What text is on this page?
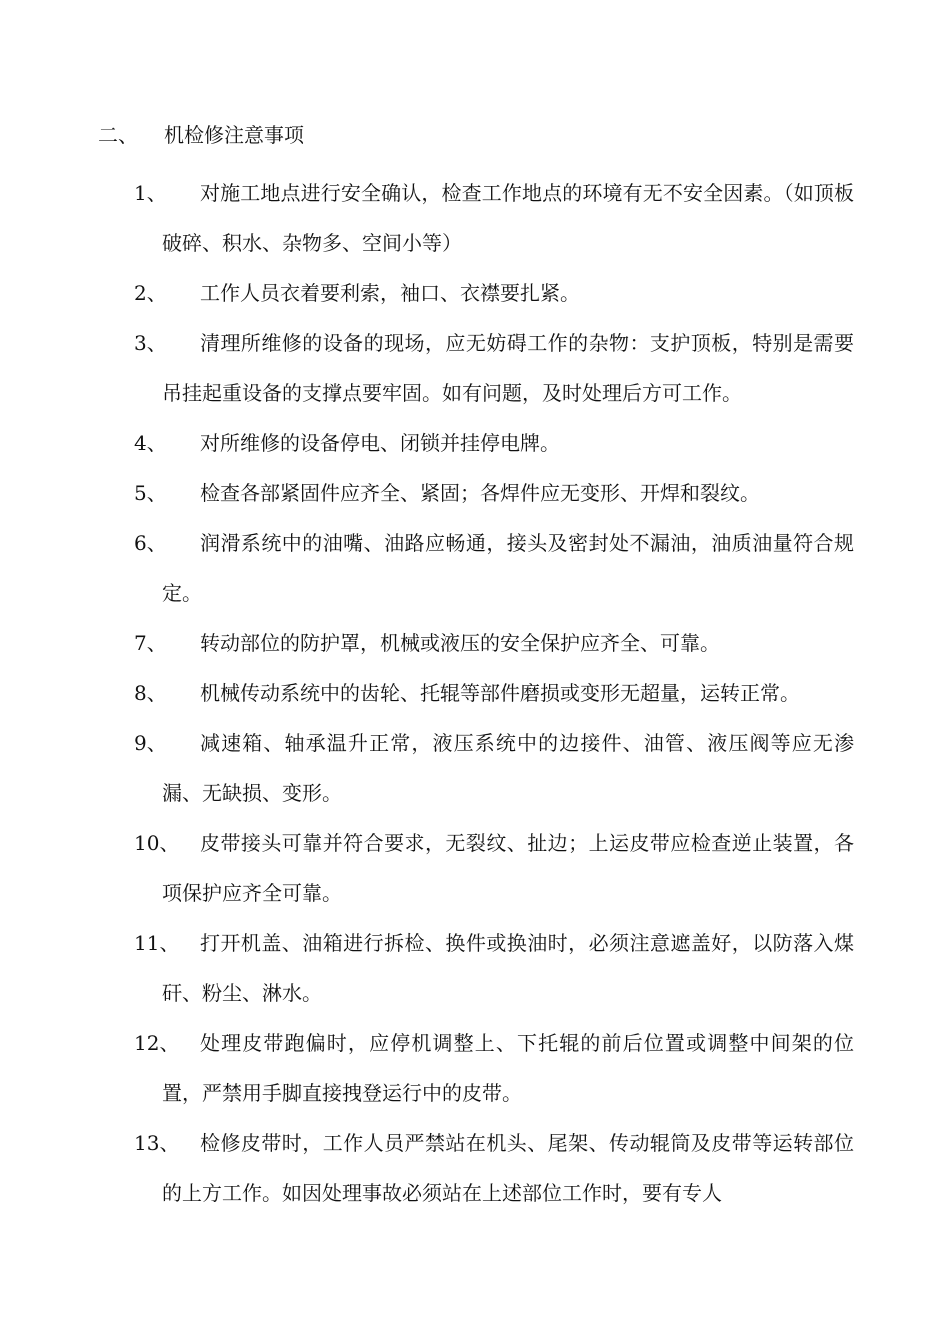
二、 机检修注意事项
1、	对施工地点进行安全确认，检查工作地点的环境有无不安全因素。（如顶板破碎、积水、杂物多、空间小等）
2、	工作人员衣着要利索，袖口、衣襟要扎紧。
3、	清理所维修的设备的现场，应无妨碍工作的杂物：支护顶板，特别是需要吊挂起重设备的支撑点要牢固。如有问题，及时处理后方可工作。
4、	对所维修的设备停电、闭锁并挂停电牌。
5、	检查各部紧固件应齐全、紧固；各焊件应无变形、开焊和裂纹。
6、	润滑系统中的油嘴、油路应畅通，接头及密封处不漏油，油质油量符合规定。
7、	转动部位的防护罩，机械或液压的安全保护应齐全、可靠。
8、	机械传动系统中的齿轮、托辊等部件磨损或变形无超量，运转正常。
9、	减速箱、轴承温升正常，液压系统中的边接件、油管、液压阀等应无渗漏、无缺损、变形。
10、	皮带接头可靠并符合要求，无裂纹、扯边；上运皮带应检查逆止装置，各项保护应齐全可靠。
11、	打开机盖、油箱进行拆检、换件或换油时，必须注意遮盖好，以防落入煤矸、粉尘、淋水。
12、	处理皮带跑偏时，应停机调整上、下托辊的前后位置或调整中间架的位置，严禁用手脚直接拽登运行中的皮带。
13、	检修皮带时，工作人员严禁站在机头、尾架、传动辊筒及皮带等运转部位的上方工作。如因处理事故必须站在上述部位工作时，要有专人
